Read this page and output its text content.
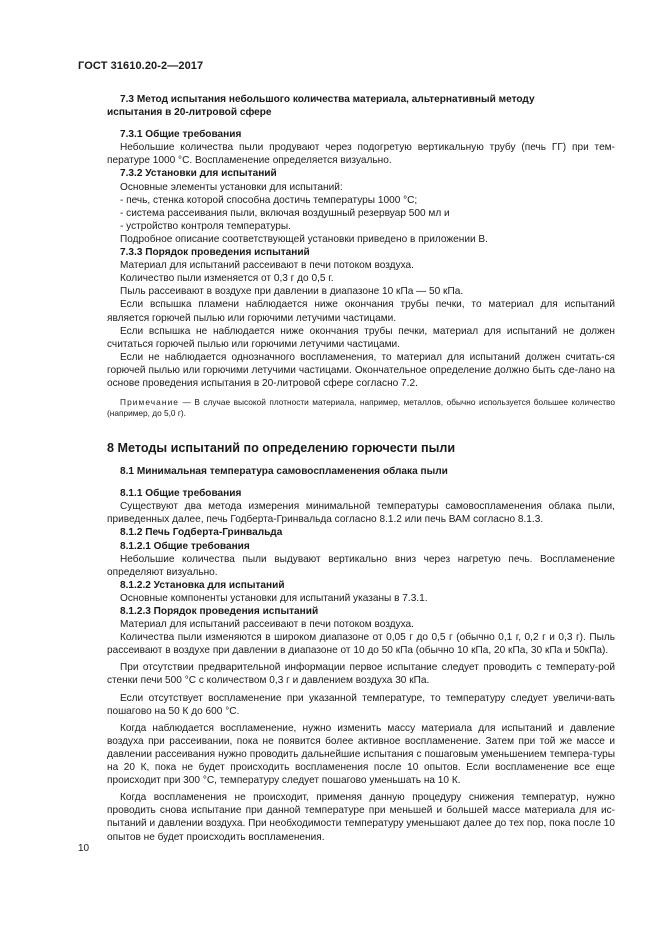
ГОСТ 31610.20-2—2017

7.3 Метод испытания небольшого количества материала, альтернативный методу
испытания в 20-литровой сфере

7.3.1 Общие требования

Небольшие количества пыли продувают через подогретую вертикальную трубу (печь ГГ) при тем-пературе 1000 °С. Воспламенение определяется визуально.

7.3.2 Установки для испытаний

Основные элементы установки для испытаний:

- печь, стенка которой способна достичь температуры 1000 °С;

- система рассеивания пыли, включая воздушный резервуар 500 мл и

- устройство контроля температуры.

Подробное описание соответствующей установки приведено в приложении В.

7.3.3 Порядок проведения испытаний

Материал для испытаний рассеивают в печи потоком воздуха.

Количество пыли изменяется от 0,3 г до 0,5 г.

Пыль рассеивают в воздухе при давлении в диапазоне 10 кПа — 50 кПа.

Если вспышка пламени наблюдается ниже окончания трубы печки, то материал для испытаний является горючей пылью или горючими летучими частицами.

Если вспышка не наблюдается ниже окончания трубы печки, материал для испытаний не должен считаться горючей пылью или горючими летучими частицами.

Если не наблюдается однозначного воспламенения, то материал для испытаний должен считать-ся горючей пылью или горючими летучими частицами. Окончательное определение должно быть сде-лано на основе проведения испытания в 20-литровой сфере согласно 7.2.

Примечание — В случае высокой плотности материала, например, металлов, обычно используется большее количество (например, до 5,0 г).

8 Методы испытаний по определению горючести пыли

8.1 Минимальная температура самовоспламенения облака пыли

8.1.1 Общие требования

Существуют два метода измерения минимальной температуры самовоспламенения облака пыли, приведенных далее, печь Годберта-Гринвальда согласно 8.1.2 или печь ВАМ согласно 8.1.3.

8.1.2 Печь Годберта-Гринвальда

8.1.2.1 Общие требования

Небольшие количества пыли выдувают вертикально вниз через нагретую печь. Воспламенение определяют визуально.

8.1.2.2 Установка для испытаний

Основные компоненты установки для испытаний указаны в 7.3.1.

8.1.2.3 Порядок проведения испытаний

Материал для испытаний рассеивают в печи потоком воздуха.

Количества пыли изменяются в широком диапазоне от 0,05 г до 0,5 г (обычно 0,1 г, 0,2 г и 0,3 г). Пыль рассеивают в воздухе при давлении в диапазоне от 10 до 50 кПа (обычно 10 кПа, 20 кПа, 30 кПа и 50кПа).

При отсутствии предварительной информации первое испытание следует проводить с температу-рой стенки печи 500 °С с количеством 0,3 г и давлением воздуха 30 кПа.

Если отсутствует воспламенение при указанной температуре, то температуру следует увеличи-вать пошагово на 50 К до 600 °С.

Когда наблюдается воспламенение, нужно изменить массу материала для испытаний и давление воздуха при рассеивании, пока не появится более активное воспламенение. Затем при той же массе и давлении рассеивания нужно проводить дальнейшие испытания с пошаговым уменьшением темпера-туры на 20 К, пока не будет происходить воспламенения после 10 опытов. Если воспламенение все еще происходит при 300 °С, температуру следует пошагово уменьшать на 10 К.

Когда воспламенения не происходит, применяя данную процедуру снижения температур, нужно проводить снова испытание при данной температуре при меньшей и большей массе материала для ис-пытаний и давлении воздуха. При необходимости температуру уменьшают далее до тех пор, пока после 10 опытов не будет происходить воспламенения.

10
